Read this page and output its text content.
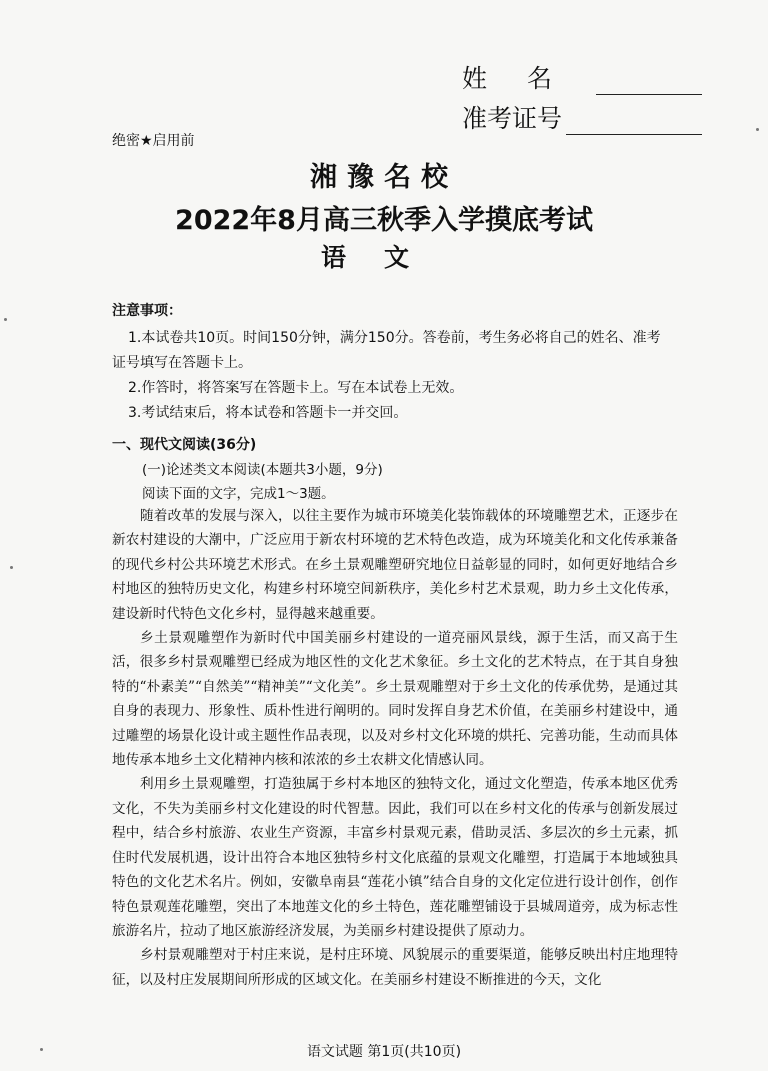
姓名
准考证号
绝密★启用前
湘豫名校
2022年8月高三秋季入学摸底考试
语文
注意事项：
1.本试卷共10页。时间150分钟，满分150分。答卷前，考生务必将自己的姓名、准考证号填写在答题卡上。
2.作答时，将答案写在答题卡上。写在本试卷上无效。
3.考试结束后，将本试卷和答题卡一并交回。
一、现代文阅读(36分)
(一)论述类文本阅读(本题共3小题，9分)
阅读下面的文字，完成1～3题。

随着改革的发展与深入，以往主要作为城市环境美化装饰载体的环境雕塑艺术，正逐步在新农村建设的大潮中，广泛应用于新农村环境的艺术特色改造，成为环境美化和文化传承兼备的现代乡村公共环境艺术形式。在乡土景观雕塑研究地位日益彰显的同时，如何更好地结合乡村地区的独特历史文化，构建乡村环境空间新秩序，美化乡村艺术景观，助力乡土文化传承，建设新时代特色文化乡村，显得越来越重要。

乡土景观雕塑作为新时代中国美丽乡村建设的一道亮丽风景线，源于生活，而又高于生活，很多乡村景观雕塑已经成为地区性的文化艺术象征。乡土文化的艺术特点，在于其自身独特的“朴素美”“自然美”“精神美”“文化美”。乡土景观雕塑对于乡土文化的传承优势，是通过其自身的表现力、形象性、质朴性进行阐明的。同时发挥自身艺术价值，在美丽乡村建设中，通过雕塑的场景化设计或主题性作品表现，以及对乡村文化环境的烘托、完善功能，生动而具体地传承本地乡土文化精神内核和浓浓的乡土农耕文化情感认同。

利用乡土景观雕塑，打造独属于乡村本地区的独特文化，通过文化塑造，传承本地区优秀文化，不失为美丽乡村文化建设的时代智慧。因此，我们可以在乡村文化的传承与创新发展过程中，结合乡村旅游、农业生产资源，丰富乡村景观元素，借助灵活、多层次的乡土元素，抓住时代发展机遇，设计出符合本地区独特乡村文化底蕴的景观文化雕塑，打造属于本地域独具特色的文化艺术名片。例如，安徽阜南县“莲花小镇”结合自身的文化定位进行设计创作，创作特色景观莲花雕塑，突出了本地莲文化的乡土特色，莲花雕塑铺设于县城周道旁，成为标志性旅游名片，拉动了地区旅游经济发展，为美丽乡村建设提供了原动力。

乡村景观雕塑对于村庄来说，是村庄环境、风貌展示的重要渠道，能够反映出村庄地理特征，以及村庄发展期间所形成的区域文化。在美丽乡村建设不断推进的今天，文化

语文试题 第1页(共10页)
